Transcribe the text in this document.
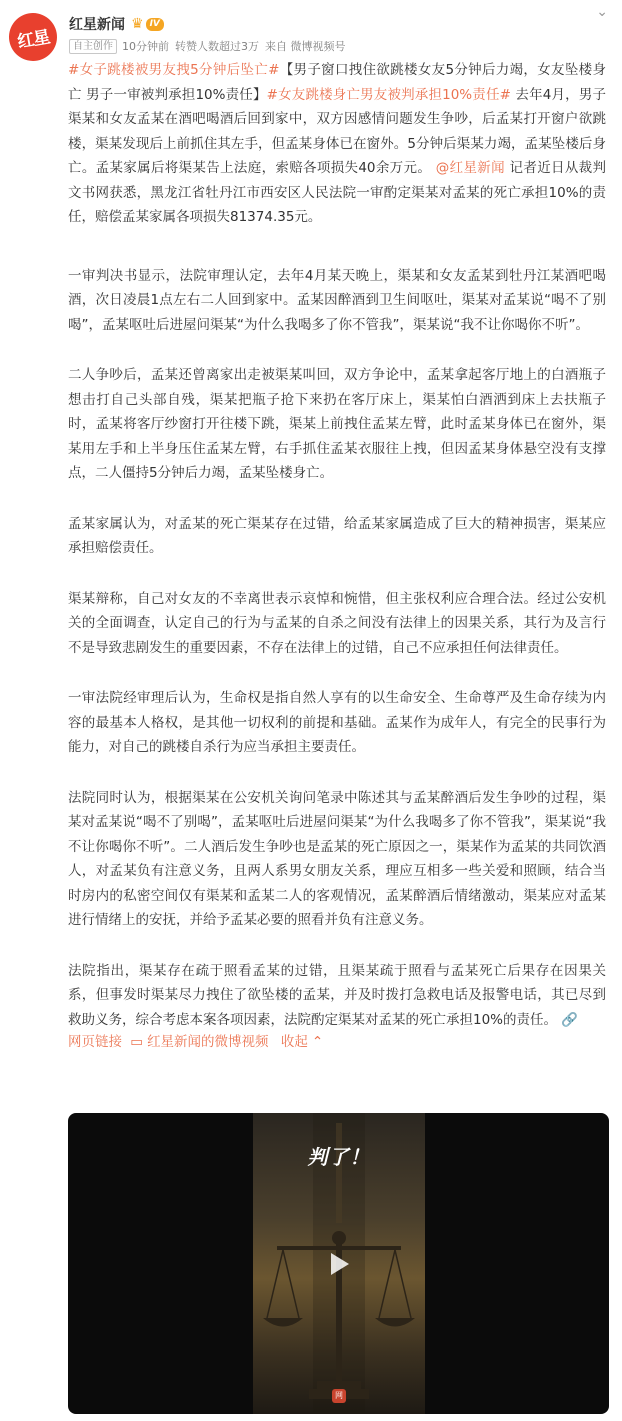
红星
红星新闻 ♛ IV
⌄
自主创作 10分钟前 转赞人数超过3万 来自 微博视频号

#女子跳楼被男友拽5分钟后坠亡#【男子窗口拽住欲跳楼女友5分钟后力竭，女友坠楼身亡 男子一审被判承担10%责任】#女友跳楼身亡男友被判承担10%责任# 去年4月，男子渠某和女友孟某在酒吧喝酒后回到家中，双方因感情问题发生争吵，后孟某打开窗户欲跳楼，渠某发现后上前抓住其左手，但孟某身体已在窗外。5分钟后渠某力竭，孟某坠楼后身亡。孟某家属后将渠某告上法庭，索赔各项损失40余万元。 @红星新闻 记者近日从裁判文书网获悉，黑龙江省牡丹江市西安区人民法院一审酌定渠某对孟某的死亡承担10%的责任，赔偿孟某家属各项损失81374.35元。

一审判决书显示，法院审理认定，去年4月某天晚上，渠某和女友孟某到牡丹江某酒吧喝酒，次日凌晨1点左右二人回到家中。孟某因醉酒到卫生间呕吐，渠某对孟某说“喝不了别喝”，孟某呕吐后进屋问渠某“为什么我喝多了你不管我”，渠某说“我不让你喝你不听”。

二人争吵后，孟某还曾离家出走被渠某叫回，双方争论中，孟某拿起客厅地上的白酒瓶子想击打自己头部自残，渠某把瓶子抢下来扔在客厅床上，渠某怕白酒洒到床上去扶瓶子时，孟某将客厅纱窗打开往楼下跳，渠某上前拽住孟某左臂，此时孟某身体已在窗外，渠某用左手和上半身压住孟某左臂，右手抓住孟某衣服往上拽，但因孟某身体悬空没有支撑点，二人僵持5分钟后力竭，孟某坠楼身亡。

孟某家属认为，对孟某的死亡渠某存在过错，给孟某家属造成了巨大的精神损害，渠某应承担赔偿责任。

渠某辩称，自己对女友的不幸离世表示哀悼和惋惜，但主张权利应合理合法。经过公安机关的全面调查，认定自己的行为与孟某的自杀之间没有法律上的因果关系，其行为及言行不是导致悲剧发生的重要因素，不存在法律上的过错，自己不应承担任何法律责任。

一审法院经审理后认为，生命权是指自然人享有的以生命安全、生命尊严及生命存续为内容的最基本人格权，是其他一切权利的前提和基础。孟某作为成年人，有完全的民事行为能力，对自己的跳楼自杀行为应当承担主要责任。

法院同时认为，根据渠某在公安机关询问笔录中陈述其与孟某醉酒后发生争吵的过程，渠某对孟某说“喝不了别喝”，孟某呕吐后进屋问渠某“为什么我喝多了你不管我”，渠某说“我不让你喝你不听”。二人酒后发生争吵也是孟某的死亡原因之一，渠某作为孟某的共同饮酒人，对孟某负有注意义务，且两人系男女朋友关系，理应互相多一些关爱和照顾，结合当时房内的私密空间仅有渠某和孟某二人的客观情况，孟某醉酒后情绪激动，渠某应对孟某进行情绪上的安抚，并给予孟某必要的照看并负有注意义务。

法院指出，渠某存在疏于照看孟某的过错，且渠某疏于照看与孟某死亡后果存在因果关系，但事发时渠某尽力拽住了欲坠楼的孟某，并及时拨打急救电话及报警电话，其已尽到救助义务，综合考虑本案各项因素，法院酌定渠某对孟某的死亡承担10%的责任。 🔗

网页链接 ▭ 红星新闻的微博视频 收起 ⌃
判了！
网
